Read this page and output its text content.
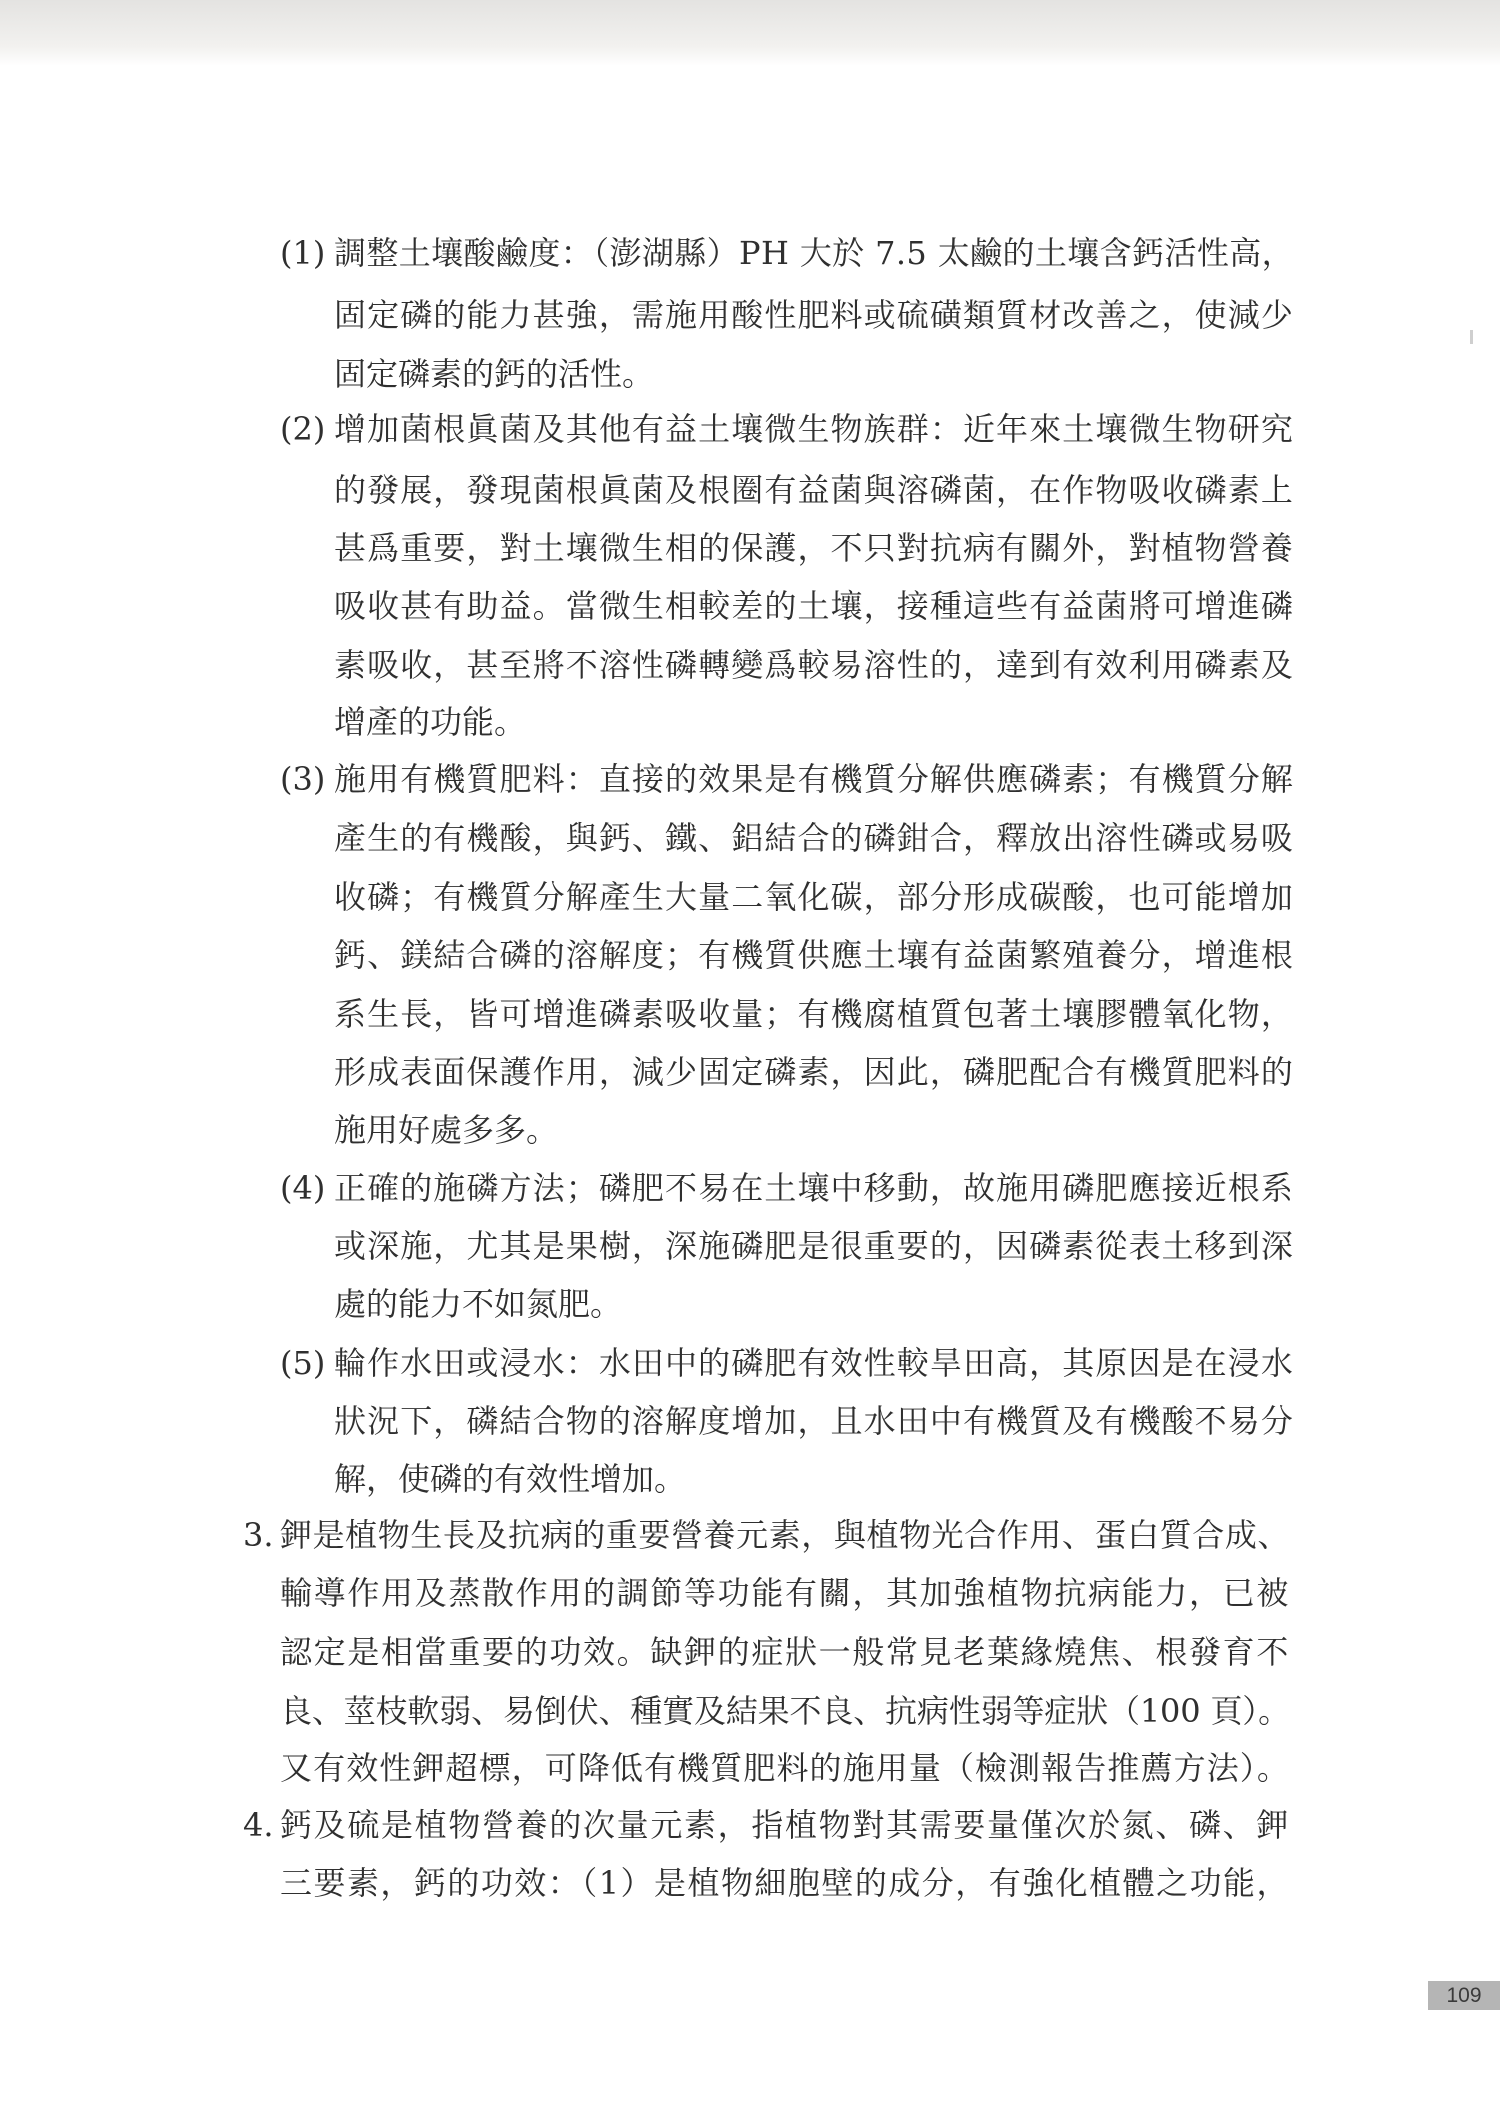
(1) 調整土壤酸鹼度：（澎湖縣）PH 大於 7.5 太鹼的土壤含鈣活性高，
固定磷的能力甚強，需施用酸性肥料或硫磺類質材改善之，使減少
固定磷素的鈣的活性。
(2) 增加菌根眞菌及其他有益土壤微生物族群：近年來土壤微生物研究
的發展，發現菌根眞菌及根圈有益菌與溶磷菌，在作物吸收磷素上
甚爲重要，對土壤微生相的保護，不只對抗病有關外，對植物營養
吸收甚有助益。當微生相較差的土壤，接種這些有益菌將可增進磷
素吸收，甚至將不溶性磷轉變爲較易溶性的，達到有效利用磷素及
增產的功能。
(3) 施用有機質肥料：直接的效果是有機質分解供應磷素；有機質分解
產生的有機酸，與鈣、鐵、鋁結合的磷鉗合，釋放出溶性磷或易吸
收磷；有機質分解產生大量二氧化碳，部分形成碳酸，也可能增加
鈣、鎂結合磷的溶解度；有機質供應土壤有益菌繁殖養分，增進根
系生長，皆可增進磷素吸收量；有機腐植質包著土壤膠體氧化物，
形成表面保護作用，減少固定磷素，因此，磷肥配合有機質肥料的
施用好處多多。
(4) 正確的施磷方法；磷肥不易在土壤中移動，故施用磷肥應接近根系
或深施，尤其是果樹，深施磷肥是很重要的，因磷素從表土移到深
處的能力不如氮肥。
(5) 輪作水田或浸水：水田中的磷肥有效性較旱田高，其原因是在浸水
狀況下，磷結合物的溶解度增加，且水田中有機質及有機酸不易分
解，使磷的有效性增加。
3. 鉀是植物生長及抗病的重要營養元素，與植物光合作用、蛋白質合成、
輸導作用及蒸散作用的調節等功能有關，其加強植物抗病能力，已被
認定是相當重要的功效。缺鉀的症狀一般常見老葉緣燒焦、根發育不
良、莖枝軟弱、易倒伏、種實及結果不良、抗病性弱等症狀（100 頁）。
又有效性鉀超標，可降低有機質肥料的施用量（檢測報告推薦方法）。
4. 鈣及硫是植物營養的次量元素，指植物對其需要量僅次於氮、磷、鉀
三要素，鈣的功效：（1）是植物細胞壁的成分，有強化植體之功能，
109
